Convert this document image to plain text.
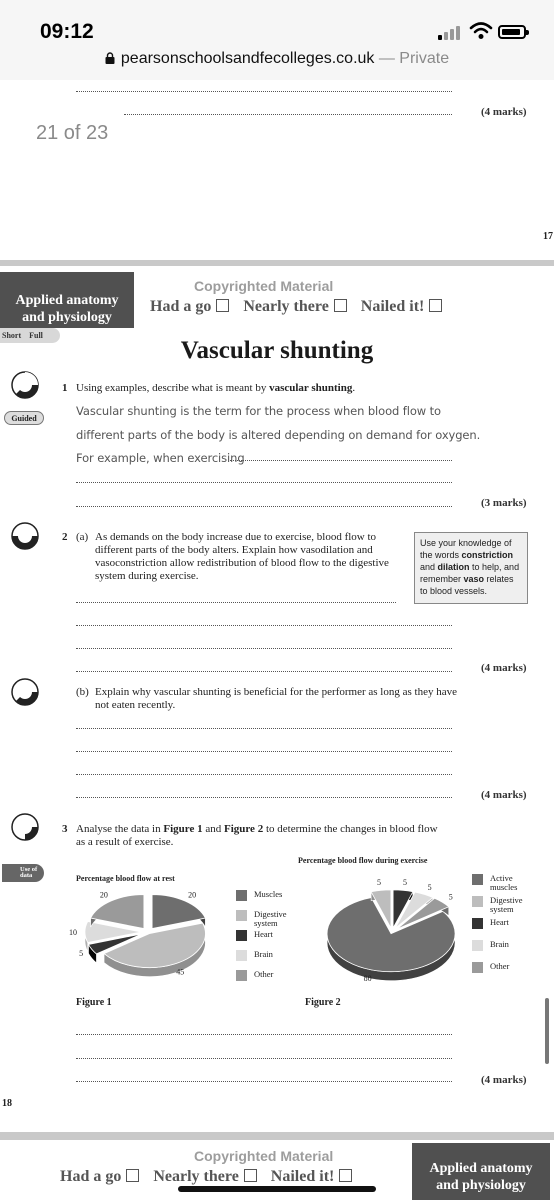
09:12
pearsonschoolsandfecolleges.co.uk — Private
(4 marks)
21 of 23
17
Applied anatomy
and physiology
Copyrighted Material
Had a go Nearly there Nailed it!
Short Full
Vascular shunting
1 Using examples, describe what is meant by vascular shunting.
Guided
Vascular shunting is the term for the process when blood flow to
different parts of the body is altered depending on demand for oxygen.
For example, when exercising
(3 marks)
2 (a) As demands on the body increase due to exercise, blood flow to different parts of the body alters. Explain how vasodilation and vasoconstriction allow redistribution of blood flow to the digestive system during exercise.
Use your knowledge of the words constriction and dilation to help, and remember vaso relates to blood vessels.
(4 marks)
(b) Explain why vascular shunting is beneficial for the performer as long as they have not eaten recently.
(4 marks)
3 Analyse the data in Figure 1 and Figure 2 to determine the changes in blood flow as a result of exercise.
Use of
data	Percentage blood flow at rest
20
45
5
10
20	Muscles
Digestive system
Heart
Brain
Other
Figure 1
Percentage blood flow during exercise
80
5	5
5
5
Active muscles
Digestive system
Heart
Brain
Other
Figure 2
(4 marks)
18
Copyrighted Material
Had a go Nearly there Nailed it!	Applied anatomy
and physiology
